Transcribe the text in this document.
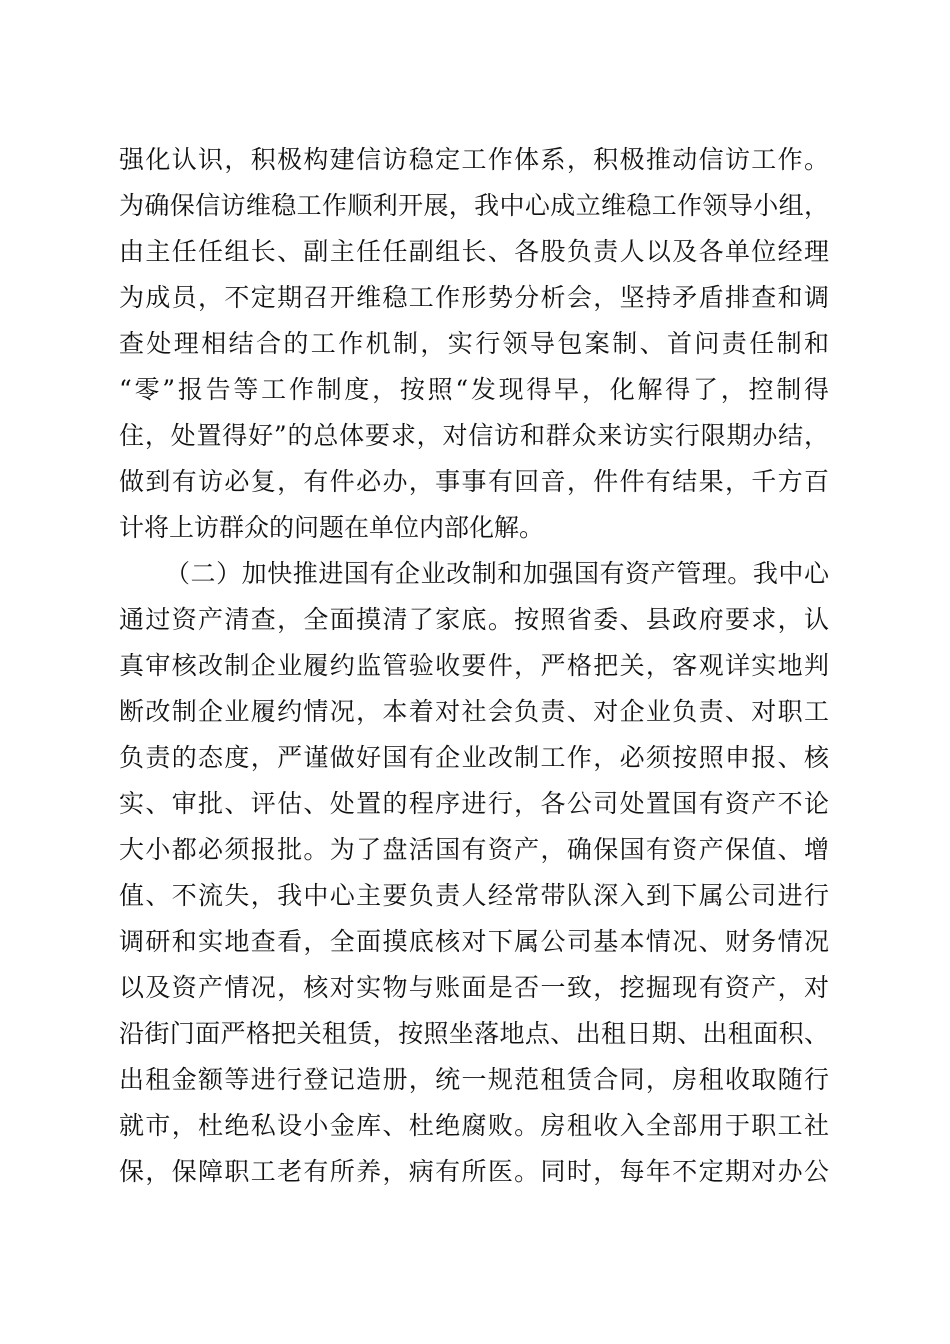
强化认识，积极构建信访稳定工作体系，积极推动信访工作。

为确保信访维稳工作顺利开展，我中心成立维稳工作领导小组，

由主任任组长、副主任任副组长、各股负责人以及各单位经理

为成员，不定期召开维稳工作形势分析会，坚持矛盾排查和调

查处理相结合的工作机制，实行领导包案制、首问责任制和

“零”报告等工作制度，按照“发现得早，化解得了，控制得

住，处置得好”的总体要求，对信访和群众来访实行限期办结，

做到有访必复，有件必办，事事有回音，件件有结果，千方百

计将上访群众的问题在单位内部化解。

（二）加快推进国有企业改制和加强国有资产管理。我中心

通过资产清查，全面摸清了家底。按照省委、县政府要求，认

真审核改制企业履约监管验收要件，严格把关，客观详实地判

断改制企业履约情况，本着对社会负责、对企业负责、对职工

负责的态度，严谨做好国有企业改制工作，必须按照申报、核

实、审批、评估、处置的程序进行，各公司处置国有资产不论

大小都必须报批。为了盘活国有资产，确保国有资产保值、增

值、不流失，我中心主要负责人经常带队深入到下属公司进行

调研和实地查看，全面摸底核对下属公司基本情况、财务情况

以及资产情况，核对实物与账面是否一致，挖掘现有资产，对

沿街门面严格把关租赁，按照坐落地点、出租日期、出租面积、

出租金额等进行登记造册，统一规范租赁合同，房租收取随行

就市，杜绝私设小金库、杜绝腐败。房租收入全部用于职工社

保，保障职工老有所养，病有所医。同时，每年不定期对办公
